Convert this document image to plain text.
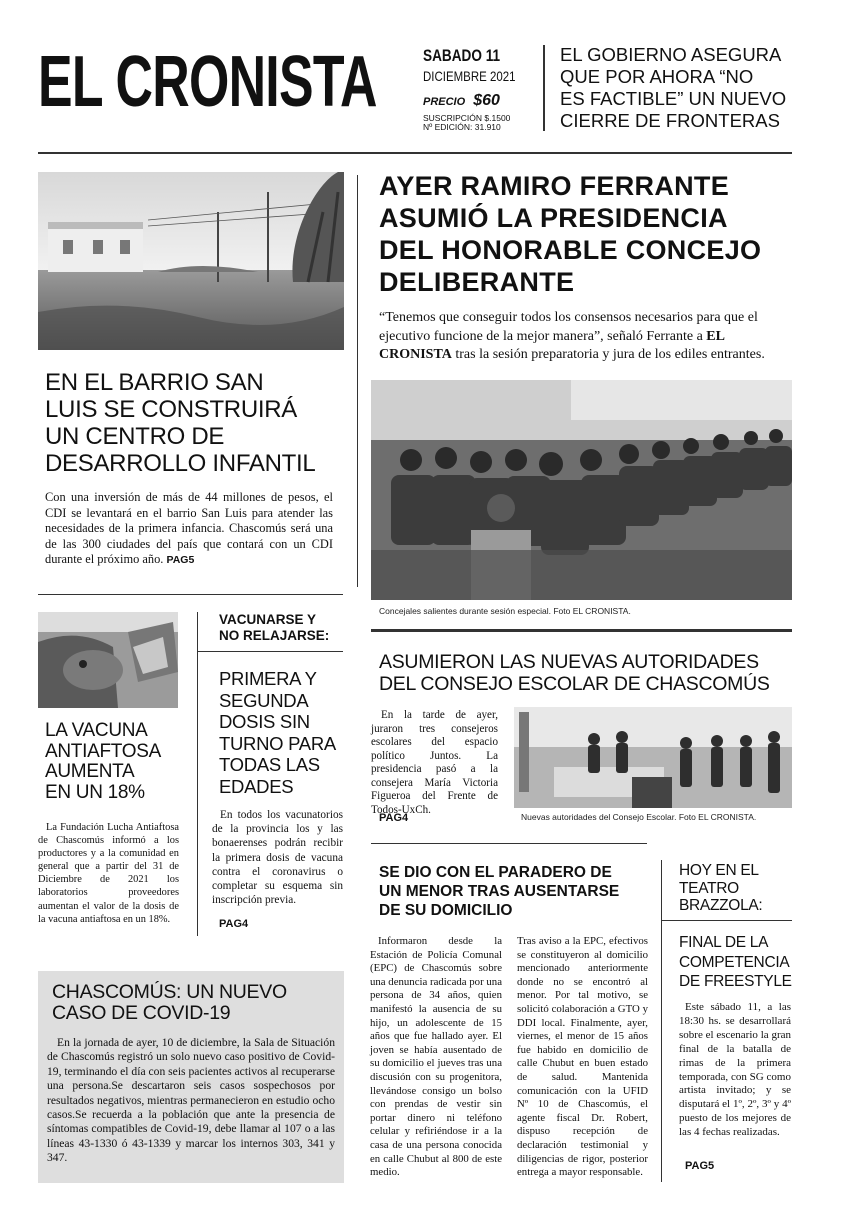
EL CRONISTA	SABADO 11
DICIEMBRE 2021
PRECIO $60
SUSCRIPCIÓN $.1500
Nº EDICIÓN: 31.910
EL GOBIERNO ASEGURA
QUE POR AHORA “NO
ES FACTIBLE” UN NUEVO
CIERRE DE FRONTERAS
EN EL BARRIO SAN
LUIS SE CONSTRUIRÁ
UN CENTRO DE
DESARROLLO INFANTIL
Con una inversión de más de 44 millones de pesos, el CDI se levantará en el barrio San Luis para atender las necesidades de la primera infancia. Chascomús será una de las 300 ciudades del país que contará con un CDI durante el próximo año. PAG5
AYER RAMIRO FERRANTE
ASUMIÓ LA PRESIDENCIA
DEL HONORABLE CONCEJO
DELIBERANTE
“Tenemos que conseguir todos los consensos necesarios para que el ejecutivo funcione de la mejor manera”, señaló Ferrante a EL CRONISTA tras la sesión preparatoria y jura de los ediles entrantes.
Concejales salientes durante sesión especial. Foto EL CRONISTA.
LA VACUNA
ANTIAFTOSA
AUMENTA
EN UN 18%
La Fundación Lucha Antiaftosa de Chascomús informó a los productores y a la comunidad en general que a partir del 31 de Diciembre de 2021 los laboratorios proveedores aumentan el valor de la dosis de la vacuna antiaftosa en un 18%.
VACUNARSE Y
NO RELAJARSE:
PRIMERA Y
SEGUNDA
DOSIS SIN
TURNO PARA
TODAS LAS
EDADES
En todos los vacunatorios de la provincia los y las bonaerenses podrán recibir la primera dosis de vacuna contra el coronavirus o completar su esquema sin inscripción previa.
PAG4
ASUMIERON LAS NUEVAS AUTORIDADES
DEL CONSEJO ESCOLAR DE CHASCOMÚS
En la tarde de ayer, juraron tres consejeros escolares del espacio político Juntos. La presidencia pasó a la consejera María Victoria Figueroa del Frente de Todos-UxCh.
PAG4	Nuevas autoridades del Consejo Escolar. Foto EL CRONISTA.
SE DIO CON EL PARADERO DE
UN MENOR TRAS AUSENTARSE
DE SU DOMICILIO
Informaron desde la Estación de Policía Comunal (EPC) de Chascomús sobre una denuncia radicada por una persona de 34 años, quien manifestó la ausencia de su hijo, un adolescente de 15 años que fue hallado ayer. El joven se había ausentado de su domicilio el jueves tras una discusión con su progenitora, llevándose consigo un bolso con prendas de vestir sin portar dinero ni teléfono celular y refiriéndose ir a la casa de una persona conocida en calle Chubut al 800 de este medio.
Tras aviso a la EPC, efectivos se constituyeron al domicilio mencionado anteriormente donde no se encontró al menor. Por tal motivo, se solicitó colaboración a GTO y DDI local. Finalmente, ayer, viernes, el menor de 15 años fue habido en domicilio de calle Chubut en buen estado de salud. Mantenida comunicación con la UFID Nº 10 de Chascomús, el agente fiscal Dr. Robert, dispuso recepción de declaración testimonial y diligencias de rigor, posterior entrega a mayor responsable.
HOY EN EL
TEATRO
BRAZZOLA:
FINAL DE LA
COMPETENCIA
DE FREESTYLE
Este sábado 11, a las 18:30 hs. se desarrollará sobre el escenario la gran final de la batalla de rimas de la primera temporada, con SG como artista invitado; y se disputará el 1º, 2º, 3º y 4º puesto de los mejores de las 4 fechas realizadas.
PAG5
CHASCOMÚS: UN NUEVO
CASO DE COVID-19
En la jornada de ayer, 10 de diciembre, la Sala de Situación de Chascomús registró un solo nuevo caso positivo de Covid-19, terminando el día con seis pacientes activos al recuperarse una persona.Se descartaron seis casos sospechosos por resultados negativos, mientras permanecieron en estudio ocho casos.Se recuerda a la población que ante la presencia de síntomas compatibles de Covid-19, debe llamar al 107 o a las líneas 43-1330 ó 43-1339 y marcar los internos 303, 341 y 347.
